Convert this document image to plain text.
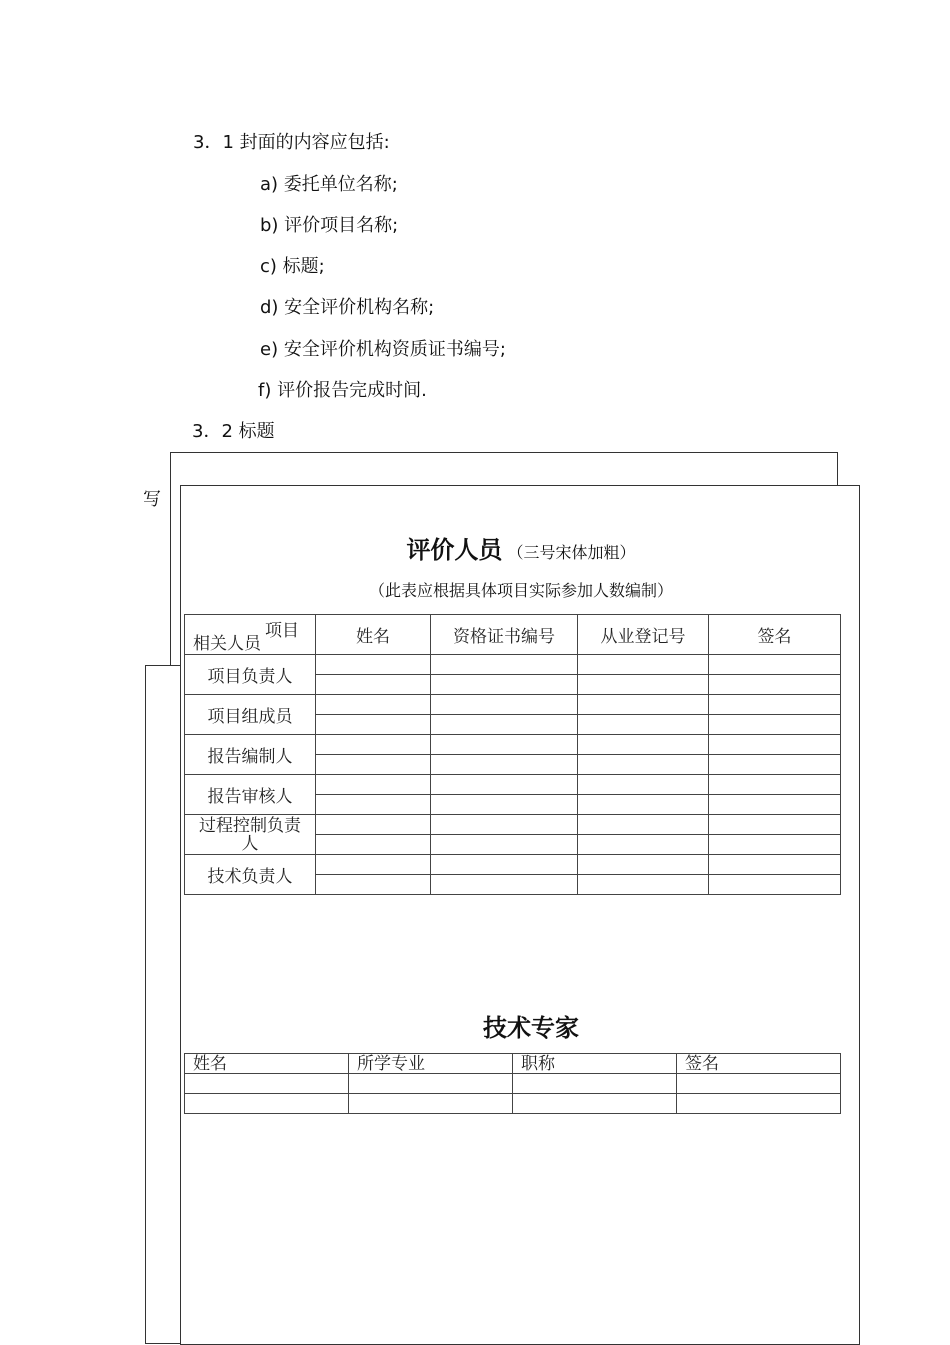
3．1 封面的内容应包括:
a) 委托单位名称;
b) 评价项目名称;
c) 标题;
d) 安全评价机构名称;
e) 安全评价机构资质证书编号;
f) 评价报告完成时间.
3．2 标题
写
评价人员 （三号宋体加粗）
（此表应根据具体项目实际参加人数编制）
项目
相关人员	姓名	资格证书编号	从业登记号	签名
项目负责人				

项目组成员				

报告编制人				

报告审核人				

过程控制负责人				

技术负责人				

技术专家
姓名	所学专业	职称	签名
